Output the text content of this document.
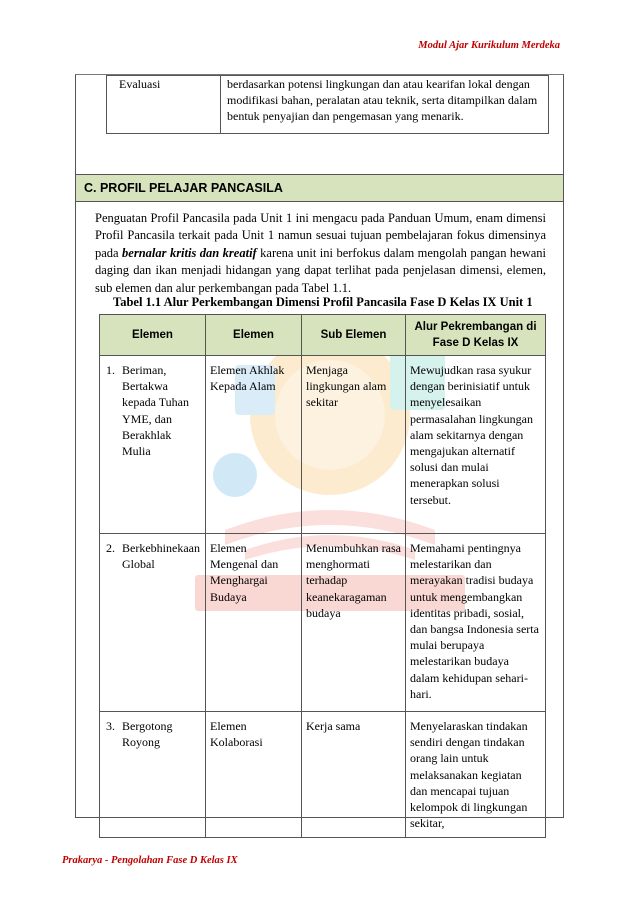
Modul Ajar Kurikulum Merdeka
Evaluasi	berdasarkan potensi lingkungan dan atau kearifan lokal dengan modifikasi bahan, peralatan atau teknik, serta ditampilkan dalam bentuk penyajian dan pengemasan yang menarik.
C. PROFIL PELAJAR PANCASILA
Penguatan Profil Pancasila pada Unit 1 ini mengacu pada Panduan Umum, enam dimensi Profil Pancasila terkait pada Unit 1 namun sesuai tujuan pembelajaran fokus dimensinya pada bernalar kritis dan kreatif karena unit ini berfokus dalam mengolah pangan hewani daging dan ikan menjadi hidangan yang dapat terlihat pada penjelasan dimensi, elemen, sub elemen dan alur perkembangan pada Tabel 1.1.
Tabel 1.1 Alur Perkembangan Dimensi Profil Pancasila Fase D Kelas IX Unit 1
Elemen	Elemen	Sub Elemen	Alur Pekrembangan di Fase D Kelas IX

1. Beriman, Bertakwa kepada Tuhan YME, dan Berakhlak Mulia	Elemen Akhlak Kepada Alam	Menjaga lingkungan alam sekitar	Mewujudkan rasa syukur dengan berinisiatif untuk menyelesaikan permasalahan lingkungan alam sekitarnya dengan mengajukan alternatif solusi dan mulai menerapkan solusi tersebut.

2. Berkebhinekaan Global	Elemen Mengenal dan Menghargai Budaya	Menumbuhkan rasa menghormati terhadap keanekaragaman budaya	Memahami pentingnya melestarikan dan merayakan tradisi budaya untuk mengembangkan identitas pribadi, sosial, dan bangsa Indonesia serta mulai berupaya melestarikan budaya dalam kehidupan sehari-hari.

3. Bergotong Royong	Elemen Kolaborasi	Kerja sama	Menyelaraskan tindakan sendiri dengan tindakan orang lain untuk melaksanakan kegiatan dan mencapai tujuan kelompok di lingkungan sekitar,
Prakarya - Pengolahan Fase D Kelas IX
